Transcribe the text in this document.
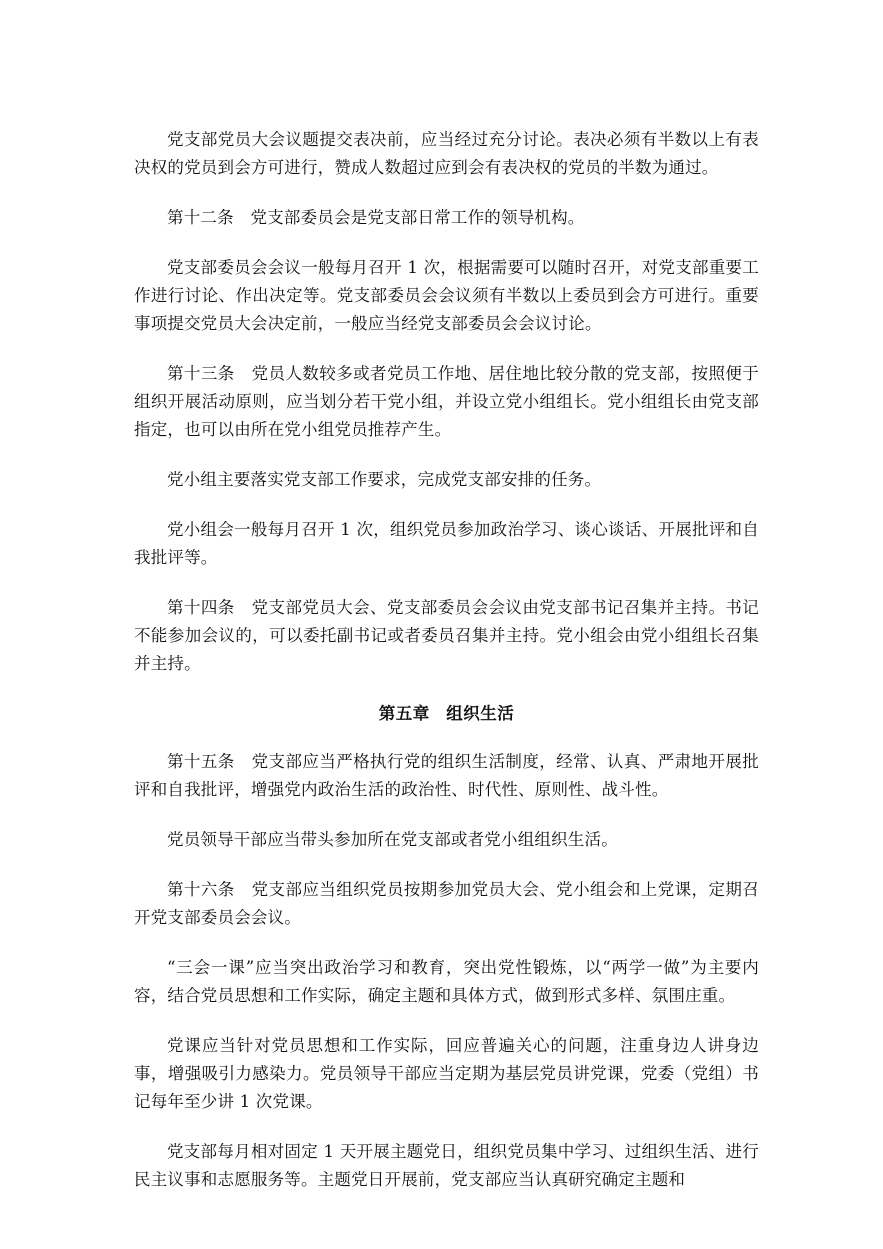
党支部党员大会议题提交表决前，应当经过充分讨论。表决必须有半数以上有表决权的党员到会方可进行，赞成人数超过应到会有表决权的党员的半数为通过。

第十二条　党支部委员会是党支部日常工作的领导机构。

党支部委员会会议一般每月召开 1 次，根据需要可以随时召开，对党支部重要工作进行讨论、作出决定等。党支部委员会会议须有半数以上委员到会方可进行。重要事项提交党员大会决定前，一般应当经党支部委员会会议讨论。

第十三条　党员人数较多或者党员工作地、居住地比较分散的党支部，按照便于组织开展活动原则，应当划分若干党小组，并设立党小组组长。党小组组长由党支部指定，也可以由所在党小组党员推荐产生。

党小组主要落实党支部工作要求，完成党支部安排的任务。

党小组会一般每月召开 1 次，组织党员参加政治学习、谈心谈话、开展批评和自我批评等。

第十四条　党支部党员大会、党支部委员会会议由党支部书记召集并主持。书记不能参加会议的，可以委托副书记或者委员召集并主持。党小组会由党小组组长召集并主持。

第五章 组织生活

第十五条　党支部应当严格执行党的组织生活制度，经常、认真、严肃地开展批评和自我批评，增强党内政治生活的政治性、时代性、原则性、战斗性。

党员领导干部应当带头参加所在党支部或者党小组组织生活。

第十六条　党支部应当组织党员按期参加党员大会、党小组会和上党课，定期召开党支部委员会会议。

“三会一课”应当突出政治学习和教育，突出党性锻炼，以“两学一做”为主要内容，结合党员思想和工作实际，确定主题和具体方式，做到形式多样、氛围庄重。

党课应当针对党员思想和工作实际，回应普遍关心的问题，注重身边人讲身边事，增强吸引力感染力。党员领导干部应当定期为基层党员讲党课，党委（党组）书记每年至少讲 1 次党课。

党支部每月相对固定 1 天开展主题党日，组织党员集中学习、过组织生活、进行民主议事和志愿服务等。主题党日开展前，党支部应当认真研究确定主题和
